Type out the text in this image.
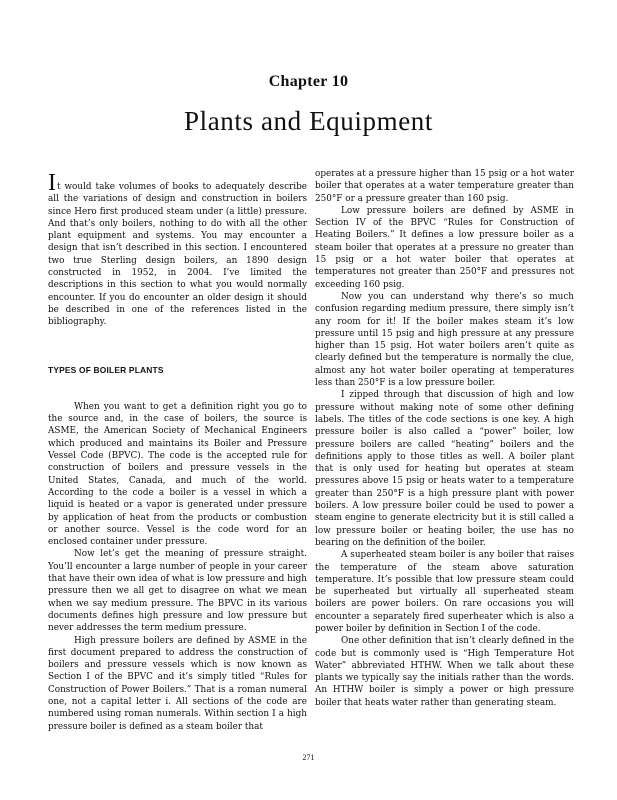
Chapter 10
Plants and Equipment

It would take volumes of books to adequately describe all the variations of design and construction in boilers since Hero first produced steam under (a little) pressure. And that’s only boilers, nothing to do with all the other plant equipment and systems. You may encounter a design that isn’t described in this section. I encountered two true Sterling design boilers, an 1890 design constructed in 1952, in 2004. I’ve limited the descriptions in this section to what you would normally encounter. If you do encounter an older design it should be described in one of the references listed in the bibliography.

TYPES OF BOILER PLANTS

When you want to get a definition right you go to the source and, in the case of boilers, the source is ASME, the American Society of Mechanical Engineers which produced and maintains its Boiler and Pressure Vessel Code (BPVC). The code is the accepted rule for construction of boilers and pressure vessels in the United States, Canada, and much of the world. According to the code a boiler is a vessel in which a liquid is heated or a vapor is generated under pressure by application of heat from the products or combustion or another source. Vessel is the code word for an enclosed container under pressure.

Now let’s get the meaning of pressure straight. You’ll encounter a large number of people in your career that have their own idea of what is low pressure and high pressure then we all get to disagree on what we mean when we say medium pressure. The BPVC in its various documents defines high pressure and low pressure but never addresses the term medium pressure.

High pressure boilers are defined by ASME in the first document prepared to address the construction of boilers and pressure vessels which is now known as Section I of the BPVC and it’s simply titled “Rules for Construction of Power Boilers.” That is a roman numeral one, not a capital letter i. All sections of the code are numbered using roman numerals. Within section I a high pressure boiler is defined as a steam boiler that

operates at a pressure higher than 15 psig or a hot water boiler that operates at a water temperature greater than 250°F or a pressure greater than 160 psig.

Low pressure boilers are defined by ASME in Section IV of the BPVC “Rules for Construction of Heating Boilers.” It defines a low pressure boiler as a steam boiler that operates at a pressure no greater than 15 psig or a hot water boiler that operates at temperatures not greater than 250°F and pressures not exceeding 160 psig.

Now you can understand why there’s so much confusion regarding medium pressure, there simply isn’t any room for it! If the boiler makes steam it’s low pressure until 15 psig and high pressure at any pressure higher than 15 psig. Hot water boilers aren’t quite as clearly defined but the temperature is normally the clue, almost any hot water boiler operating at temperatures less than 250°F is a low pressure boiler.

I zipped through that discussion of high and low pressure without making note of some other defining labels. The titles of the code sections is one key. A high pressure boiler is also called a “power” boiler, low pressure boilers are called “heating” boilers and the definitions apply to those titles as well. A boiler plant that is only used for heating but operates at steam pressures above 15 psig or heats water to a temperature greater than 250°F is a high pressure plant with power boilers. A low pressure boiler could be used to power a steam engine to generate electricity but it is still called a low pressure boiler or heating boiler, the use has no bearing on the definition of the boiler.

A superheated steam boiler is any boiler that raises the temperature of the steam above saturation temperature. It’s possible that low pressure steam could be superheated but virtually all superheated steam boilers are power boilers. On rare occasions you will encounter a separately fired superheater which is also a power boiler by definition in Section I of the code.

One other definition that isn’t clearly defined in the code but is commonly used is “High Temperature Hot Water” abbreviated HTHW. When we talk about these plants we typically say the initials rather than the words. An HTHW boiler is simply a power or high pressure boiler that heats water rather than generating steam.

271
